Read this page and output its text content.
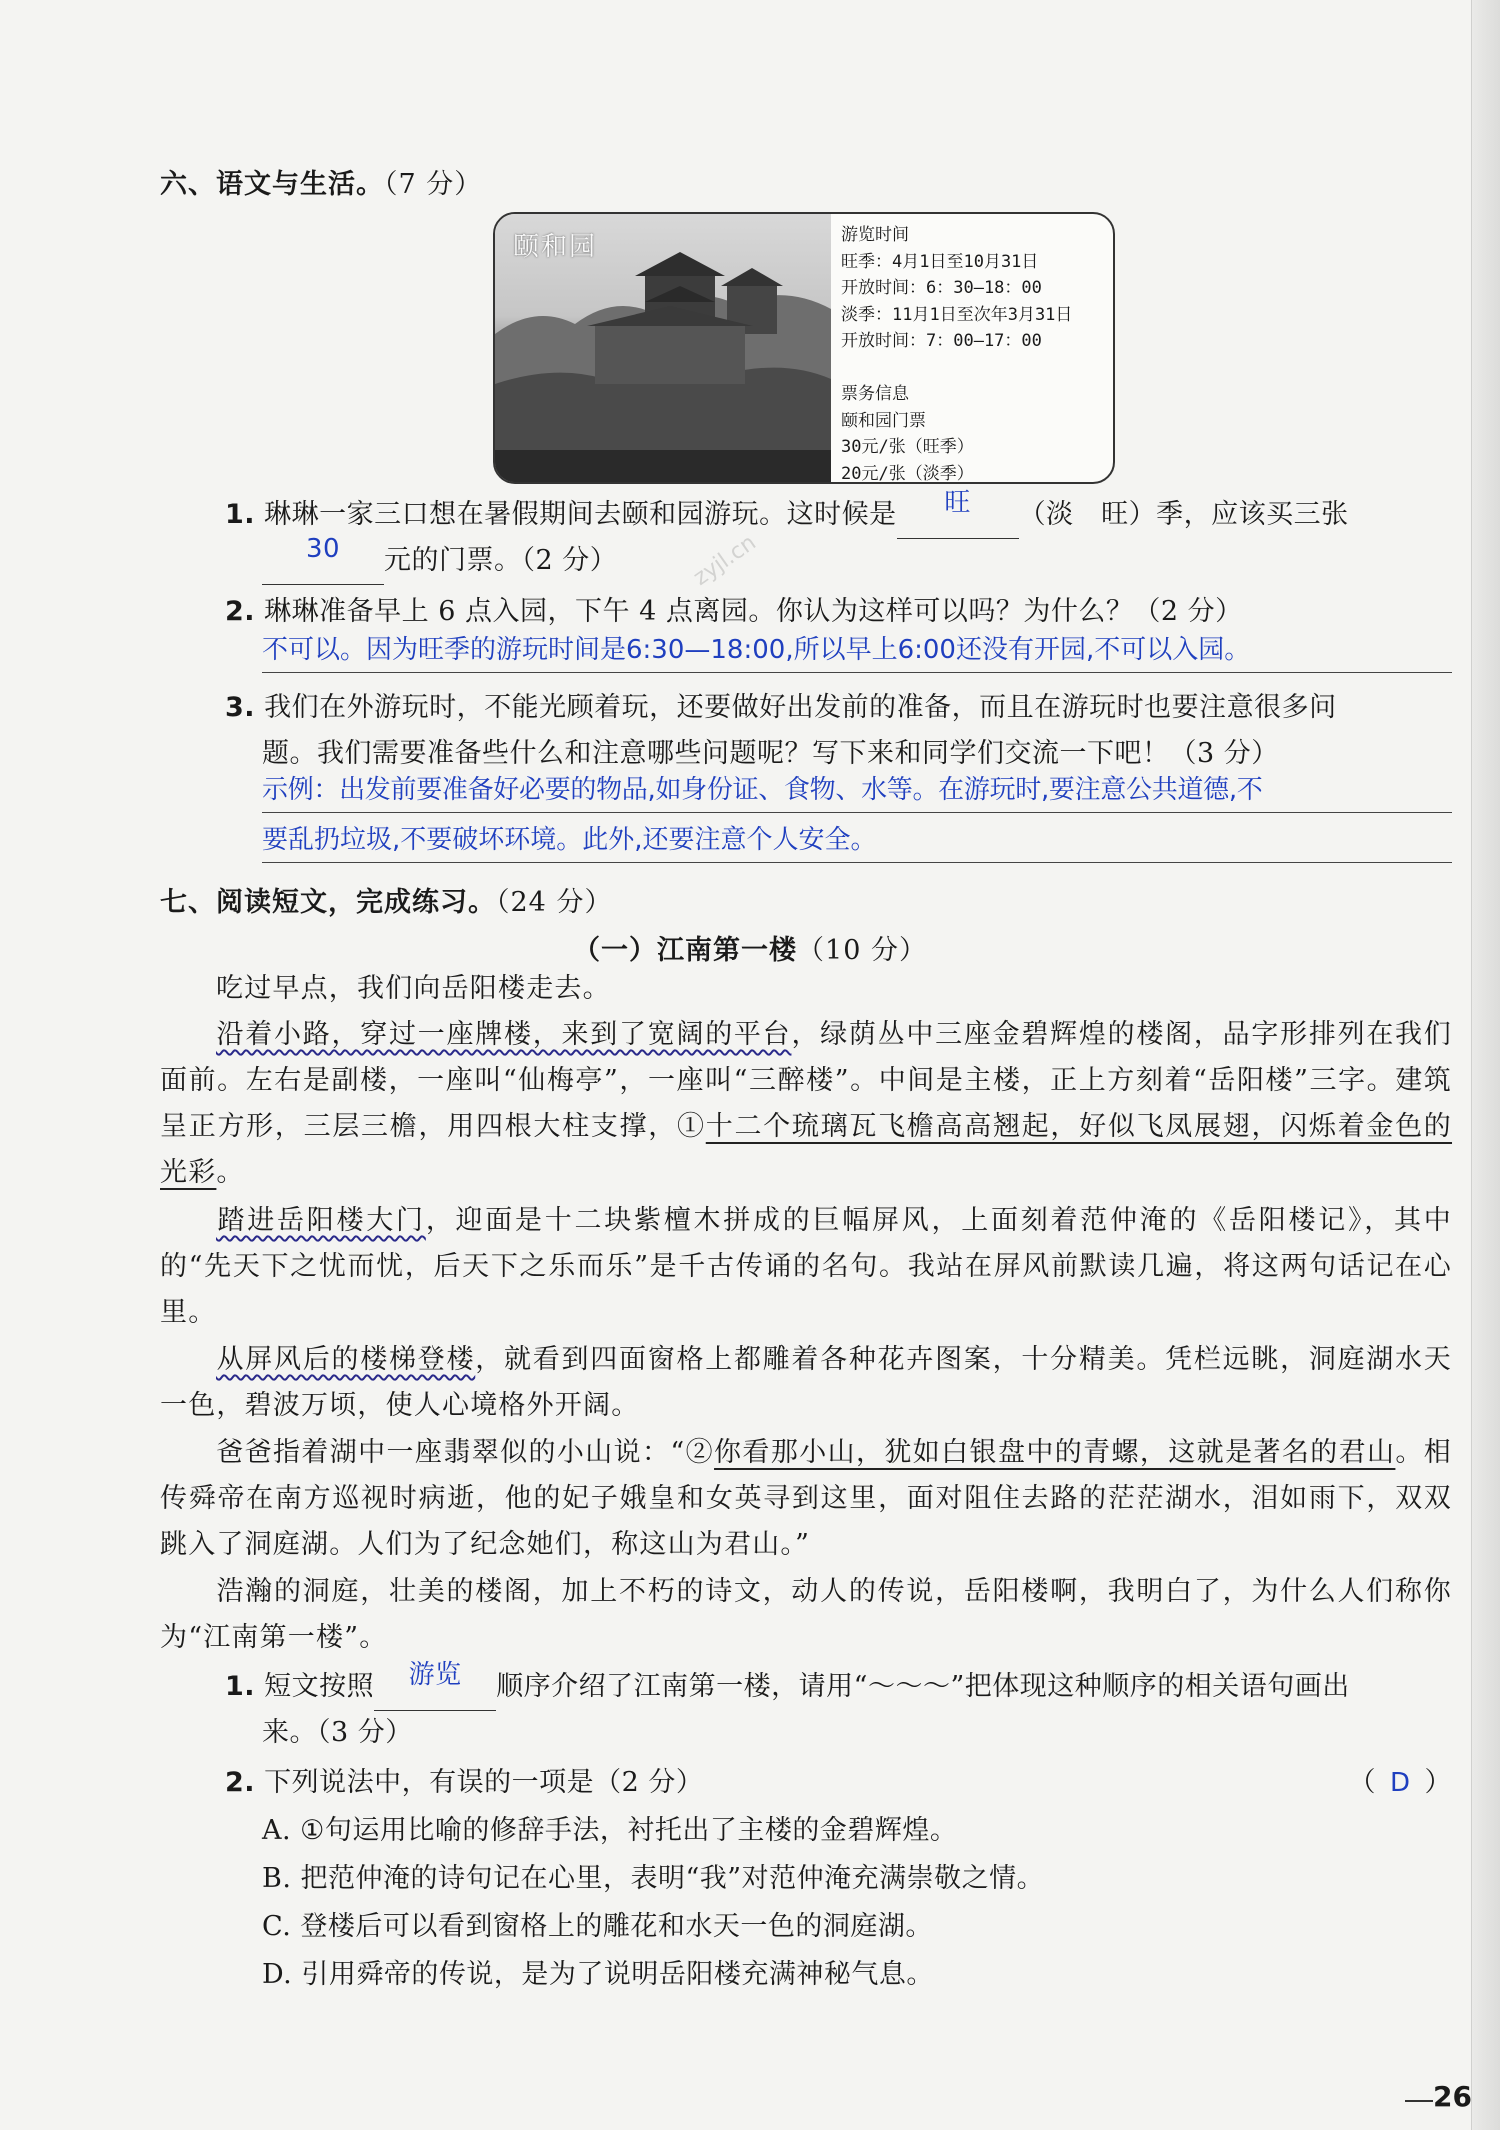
六、语文与生活。（7 分）
颐和园	游览时间
旺季：4月1日至10月31日
开放时间：6：30—18：00
淡季：11月1日至次年3月31日
开放时间：7：00—17：00
票务信息
颐和园门票
30元/张（旺季）
20元/张（淡季）
1. 琳琳一家三口想在暑假期间去颐和园游玩。这时候是 旺 （淡　旺）季，应该买三张
30 元的门票。（2 分）
2. 琳琳准备早上 6 点入园，下午 4 点离园。你认为这样可以吗？为什么？（2 分）
不可以。因为旺季的游玩时间是6:30—18:00,所以早上6:00还没有开园,不可以入园。
3. 我们在外游玩时，不能光顾着玩，还要做好出发前的准备，而且在游玩时也要注意很多问
题。我们需要准备些什么和注意哪些问题呢？写下来和同学们交流一下吧！（3 分）
示例：出发前要准备好必要的物品,如身份证、食物、水等。在游玩时,要注意公共道德,不
要乱扔垃圾,不要破坏环境。此外,还要注意个人安全。
七、阅读短文，完成练习。（24 分）
（一）江南第一楼（10 分）
吃过早点，我们向岳阳楼走去。
沿着小路，穿过一座牌楼，来到了宽阔的平台，绿荫丛中三座金碧辉煌的楼阁，品字形排列在我们面前。左右是副楼，一座叫“仙梅亭”，一座叫“三醉楼”。中间是主楼，正上方刻着“岳阳楼”三字。建筑呈正方形，三层三檐，用四根大柱支撑，①十二个琉璃瓦飞檐高高翘起，好似飞凤展翅，闪烁着金色的光彩。
踏进岳阳楼大门，迎面是十二块紫檀木拼成的巨幅屏风，上面刻着范仲淹的《岳阳楼记》，其中的“先天下之忧而忧，后天下之乐而乐”是千古传诵的名句。我站在屏风前默读几遍，将这两句话记在心里。
从屏风后的楼梯登楼，就看到四面窗格上都雕着各种花卉图案，十分精美。凭栏远眺，洞庭湖水天一色，碧波万顷，使人心境格外开阔。
爸爸指着湖中一座翡翠似的小山说：“②你看那小山，犹如白银盘中的青螺，这就是著名的君山。相传舜帝在南方巡视时病逝，他的妃子娥皇和女英寻到这里，面对阻住去路的茫茫湖水，泪如雨下，双双跳入了洞庭湖。人们为了纪念她们，称这山为君山。”
浩瀚的洞庭，壮美的楼阁，加上不朽的诗文，动人的传说，岳阳楼啊，我明白了，为什么人们称你为“江南第一楼”。
1. 短文按照 游览 顺序介绍了江南第一楼，请用“～～～”把体现这种顺序的相关语句画出
来。（3 分）
2. 下列说法中，有误的一项是（2 分）	（ D ）
A. ①句运用比喻的修辞手法，衬托出了主楼的金碧辉煌。
B. 把范仲淹的诗句记在心里，表明“我”对范仲淹充满崇敬之情。
C. 登楼后可以看到窗格上的雕花和水天一色的洞庭湖。
D. 引用舜帝的传说，是为了说明岳阳楼充满神秘气息。
zyjl.cn
26
